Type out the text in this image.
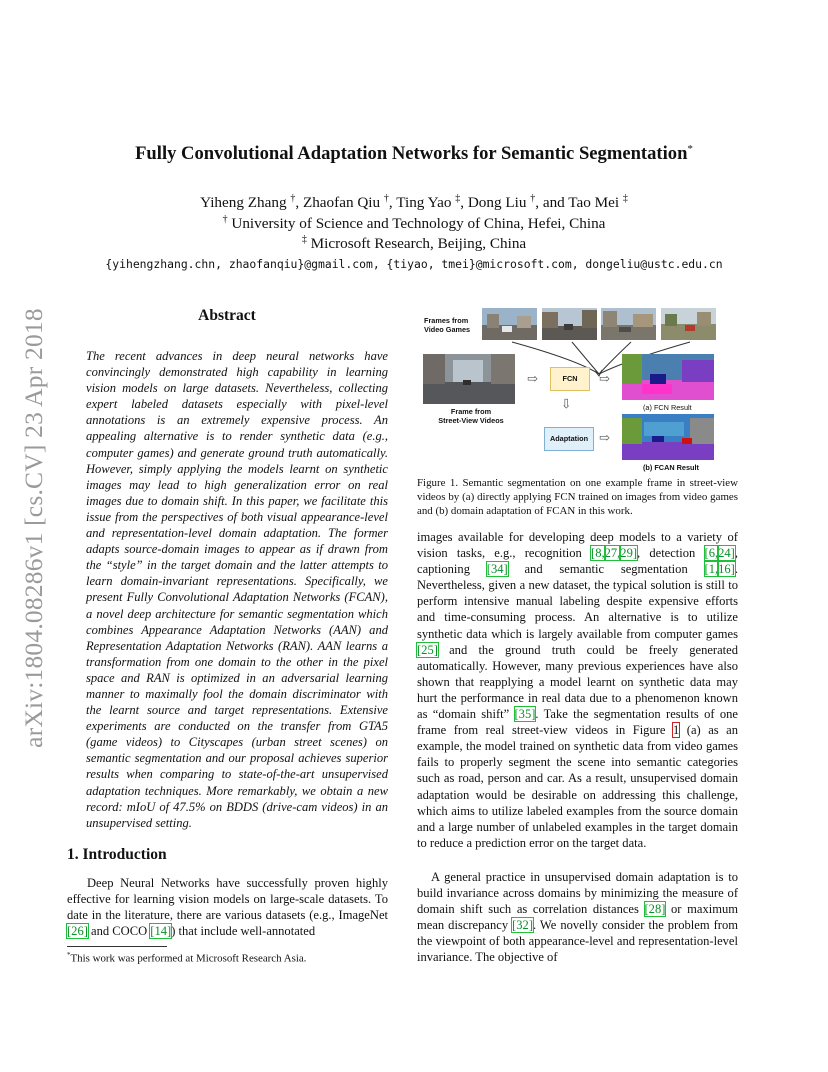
arXiv:1804.08286v1 [cs.CV] 23 Apr 2018
Fully Convolutional Adaptation Networks for Semantic Segmentation*
Yiheng Zhang †, Zhaofan Qiu †, Ting Yao ‡, Dong Liu †, and Tao Mei ‡
† University of Science and Technology of China, Hefei, China
‡ Microsoft Research, Beijing, China
{yihengzhang.chn, zhaofanqiu}@gmail.com, {tiyao, tmei}@microsoft.com, dongeliu@ustc.edu.cn
Abstract
The recent advances in deep neural networks have convincingly demonstrated high capability in learning vision models on large datasets. Nevertheless, collecting expert labeled datasets especially with pixel-level annotations is an extremely expensive process. An appealing alternative is to render synthetic data (e.g., computer games) and generate ground truth automatically. However, simply applying the models learnt on synthetic images may lead to high generalization error on real images due to domain shift. In this paper, we facilitate this issue from the perspectives of both visual appearance-level and representation-level domain adaptation. The former adapts source-domain images to appear as if drawn from the “style” in the target domain and the latter attempts to learn domain-invariant representations. Specifically, we present Fully Convolutional Adaptation Networks (FCAN), a novel deep architecture for semantic segmentation which combines Appearance Adaptation Networks (AAN) and Representation Adaptation Networks (RAN). AAN learns a transformation from one domain to the other in the pixel space and RAN is optimized in an adversarial learning manner to maximally fool the domain discriminator with the learnt source and target representations. Extensive experiments are conducted on the transfer from GTA5 (game videos) to Cityscapes (urban street scenes) on semantic segmentation and our proposal achieves superior results when comparing to state-of-the-art unsupervised adaptation techniques. More remarkably, we obtain a new record: mIoU of 47.5% on BDDS (drive-cam videos) in an unsupervised setting.
1. Introduction
Deep Neural Networks have successfully proven highly effective for learning vision models on large-scale datasets. To date in the literature, there are various datasets (e.g., ImageNet [26] and COCO [14]) that include well-annotated
*This work was performed at Microsoft Research Asia.
Frames from
Video Games
Frame from
Street-View Videos
⇨	FCN	⇨
(a) FCN Result
⇨
Adaptation ⇨
(b) FCAN Result
Figure 1. Semantic segmentation on one example frame in street-view videos by (a) directly applying FCN trained on images from video games and (b) domain adaptation of FCAN in this work.
images available for developing deep models to a variety of vision tasks, e.g., recognition [8,27,29], detection [6,24], captioning [34] and semantic segmentation [1,16]. Nevertheless, given a new dataset, the typical solution is still to perform intensive manual labeling despite expensive efforts and time-consuming process. An alternative is to utilize synthetic data which is largely available from computer games [25] and the ground truth could be freely generated automatically. However, many previous experiences have also shown that reapplying a model learnt on synthetic data may hurt the performance in real data due to a phenomenon known as “domain shift” [35]. Take the segmentation results of one frame from real street-view videos in Figure 1 (a) as an example, the model trained on synthetic data from video games fails to properly segment the scene into semantic categories such as road, person and car. As a result, unsupervised domain adaptation would be desirable on addressing this challenge, which aims to utilize labeled examples from the source domain and a large number of unlabeled examples in the target domain to reduce a prediction error on the target data.
A general practice in unsupervised domain adaptation is to build invariance across domains by minimizing the measure of domain shift such as correlation distances [28] or maximum mean discrepancy [32]. We novelly consider the problem from the viewpoint of both appearance-level and representation-level invariance. The objective of
